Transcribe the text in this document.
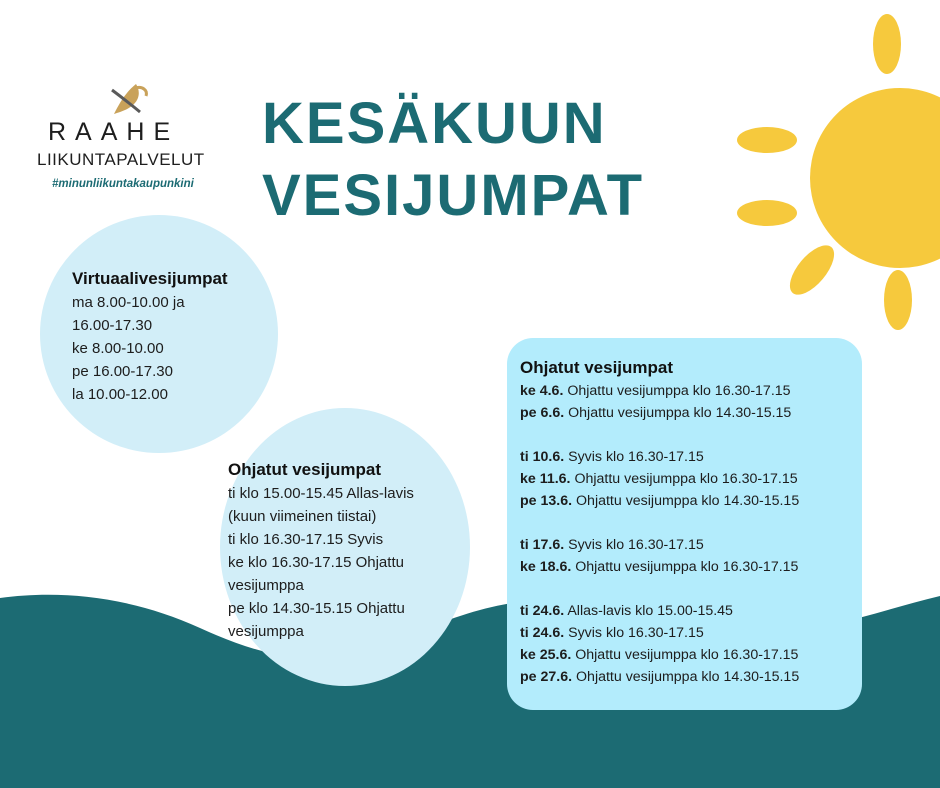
RAAHE
LIIKUNTAPALVELUT
#minunliikuntakaupunkini
KESÄKUUN
VESIJUMPAT
Virtuaalivesijumpat
ma 8.00-10.00 ja
16.00-17.30
ke 8.00-10.00
pe 16.00-17.30
la 10.00-12.00
Ohjatut vesijumpat
ti klo 15.00-15.45 Allas-lavis
(kuun viimeinen tiistai)
ti klo 16.30-17.15 Syvis
ke klo 16.30-17.15 Ohjattu
vesijumppa
pe klo 14.30-15.15 Ohjattu
vesijumppa
Ohjatut vesijumpat
ke 4.6. Ohjattu vesijumppa klo 16.30-17.15
pe 6.6. Ohjattu vesijumppa klo 14.30-15.15
ti 10.6. Syvis klo 16.30-17.15
ke 11.6. Ohjattu vesijumppa klo 16.30-17.15
pe 13.6. Ohjattu vesijumppa klo 14.30-15.15
ti 17.6. Syvis klo 16.30-17.15
ke 18.6. Ohjattu vesijumppa klo 16.30-17.15
ti 24.6. Allas-lavis klo 15.00-15.45
ti 24.6. Syvis klo 16.30-17.15
ke 25.6. Ohjattu vesijumppa klo 16.30-17.15
pe 27.6. Ohjattu vesijumppa klo 14.30-15.15
